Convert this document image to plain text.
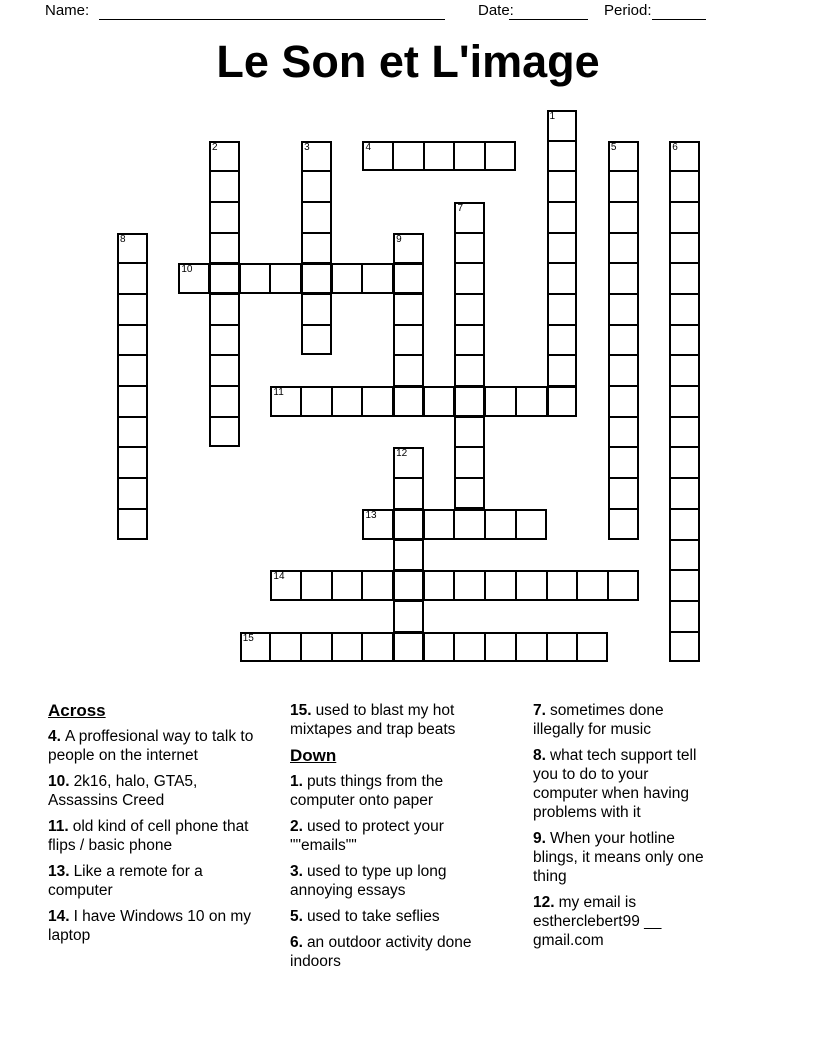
Name:	Date:	Period:
Le Son et L'image
1
2	3	4	5	6
7
8	9
10
11
12
13
14
15
Across

4. A proffesional way to talk to people on the internet

10. 2k16, halo, GTA5, Assassins Creed

11. old kind of cell phone that flips / basic phone

13. Like a remote for a computer

14. I have Windows 10 on my laptop

15. used to blast my hot mixtapes and trap beats

Down

1. puts things from the computer onto paper

2. used to protect your ""emails""

3. used to type up long annoying essays

5. used to take seflies

6. an outdoor activity done indoors

7. sometimes done illegally for music

8. what tech support tell you to do to your computer when having problems with it

9. When your hotline blings, it means only one thing

12. my email is estherclebert99 __ gmail.com
